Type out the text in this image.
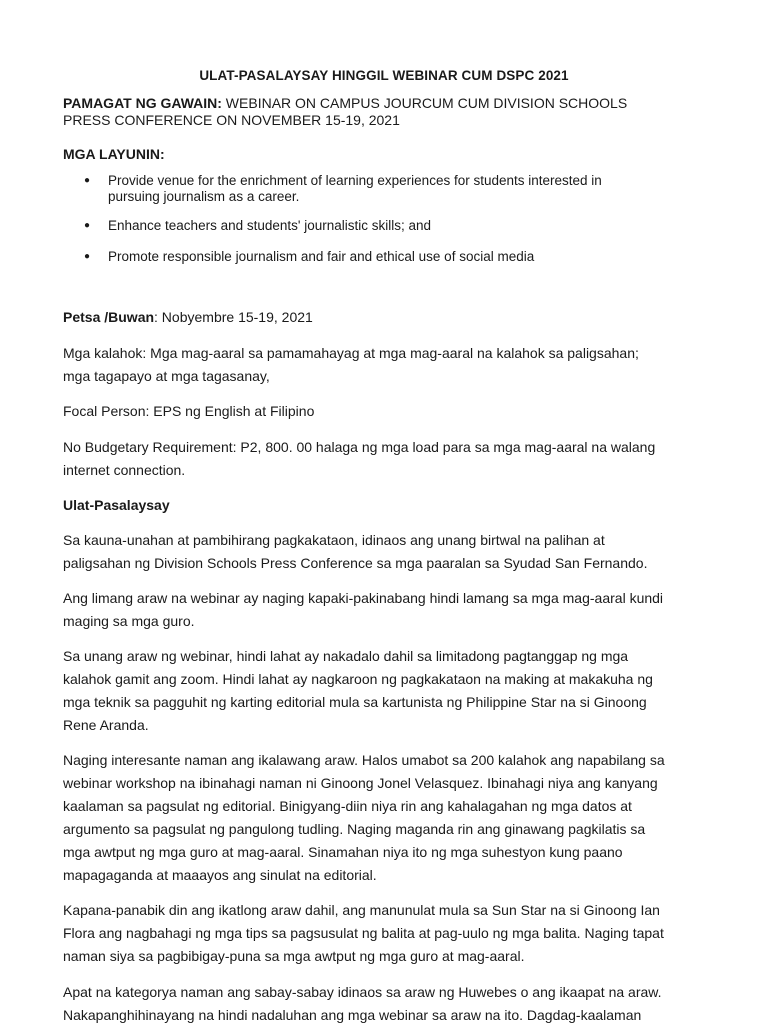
ULAT-PASALAYSAY HINGGIL WEBINAR CUM DSPC 2021
PAMAGAT NG GAWAIN: WEBINAR ON CAMPUS JOURCUM CUM DIVISION SCHOOLS
PRESS CONFERENCE ON NOVEMBER 15-19, 2021
MGA LAYUNIN:
● Provide venue for the enrichment of learning experiences for students interested in
pursuing journalism as a career.
● Enhance teachers and students' journalistic skills; and
● Promote responsible journalism and fair and ethical use of social media

Petsa /Buwan: Nobyembre 15-19, 2021

Mga kalahok: Mga mag-aaral sa pamamahayag at mga mag-aaral na kalahok sa paligsahan;
mga tagapayo at mga tagasanay,

Focal Person: EPS ng English at Filipino

No Budgetary Requirement: P2, 800. 00 halaga ng mga load para sa mga mag-aaral na walang
internet connection.

Ulat-Pasalaysay

Sa kauna-unahan at pambihirang pagkakataon, idinaos ang unang birtwal na palihan at
paligsahan ng Division Schools Press Conference sa mga paaralan sa Syudad San Fernando.

Ang limang araw na webinar ay naging kapaki-pakinabang hindi lamang sa mga mag-aaral kundi
maging sa mga guro.

Sa unang araw ng webinar, hindi lahat ay nakadalo dahil sa limitadong pagtanggap ng mga
kalahok gamit ang zoom. Hindi lahat ay nagkaroon ng pagkakataon na making at makakuha ng
mga teknik sa pagguhit ng karting editorial mula sa kartunista ng Philippine Star na si Ginoong
Rene Aranda.

Naging interesante naman ang ikalawang araw. Halos umabot sa 200 kalahok ang napabilang sa
webinar workshop na ibinahagi naman ni Ginoong Jonel Velasquez. Ibinahagi niya ang kanyang
kaalaman sa pagsulat ng editorial. Binigyang-diin niya rin ang kahalagahan ng mga datos at
argumento sa pagsulat ng pangulong tudling. Naging maganda rin ang ginawang pagkilatis sa
mga awtput ng mga guro at mag-aaral. Sinamahan niya ito ng mga suhestyon kung paano
mapagaganda at maaayos ang sinulat na editorial.

Kapana-panabik din ang ikatlong araw dahil, ang manunulat mula sa Sun Star na si Ginoong Ian
Flora ang nagbahagi ng mga tips sa pagsusulat ng balita at pag-uulo ng mga balita. Naging tapat
naman siya sa pagbibigay-puna sa mga awtput ng mga guro at mag-aaral.

Apat na kategorya naman ang sabay-sabay idinaos sa araw ng Huwebes o ang ikaapat na araw.
Nakapanghihinayang na hindi nadaluhan ang mga webinar sa araw na ito. Dagdag-kaalaman
